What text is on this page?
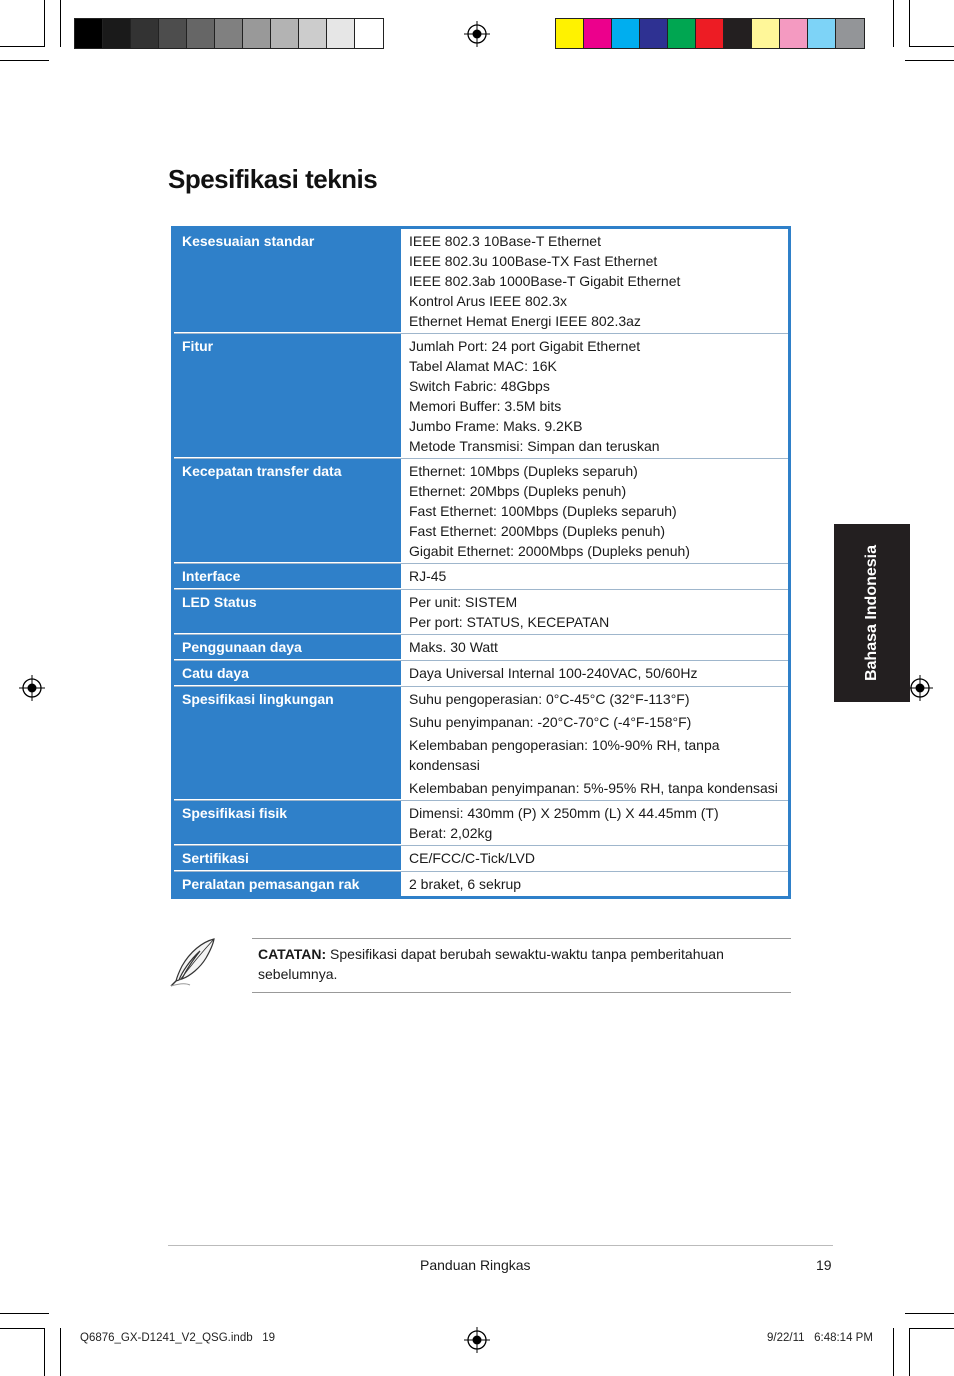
Spesifikasi teknis
Kesesuaian standar	IEEE 802.3 10Base-T Ethernet
IEEE 802.3u 100Base-TX Fast Ethernet
IEEE 802.3ab 1000Base-T Gigabit Ethernet
Kontrol Arus IEEE 802.3x
Ethernet Hemat Energi IEEE 802.3az
Fitur	Jumlah Port: 24 port Gigabit Ethernet
Tabel Alamat MAC: 16K
Switch Fabric: 48Gbps
Memori Buffer: 3.5M bits
Jumbo Frame: Maks. 9.2KB
Metode Transmisi: Simpan dan teruskan
Kecepatan transfer data	Ethernet: 10Mbps (Dupleks separuh)
Ethernet: 20Mbps (Dupleks penuh)
Fast Ethernet: 100Mbps (Dupleks separuh)
Fast Ethernet: 200Mbps (Dupleks penuh)
Gigabit Ethernet: 2000Mbps (Dupleks penuh)
Interface	RJ-45
LED Status	Per unit: SISTEM
Per port: STATUS, KECEPATAN
Penggunaan daya	Maks. 30 Watt
Catu daya	Daya Universal Internal 100-240VAC, 50/60Hz
Spesifikasi lingkungan	Suhu pengoperasian: 0°C-45°C (32°F-113°F)
Suhu penyimpanan: -20°C-70°C (-4°F-158°F)
Kelembaban pengoperasian: 10%-90% RH, tanpa kondensasi
Kelembaban penyimpanan: 5%-95% RH, tanpa kondensasi
Spesifikasi fisik	Dimensi: 430mm (P) X 250mm (L) X 44.45mm (T)
Berat: 2,02kg
Sertifikasi	CE/FCC/C-Tick/LVD
Peralatan pemasangan rak	2 braket, 6 sekrup
Bahasa Indonesia
CATATAN: Spesifikasi dapat berubah sewaktu-waktu tanpa pemberitahuan sebelumnya.
Panduan Ringkas	19
Q6876_GX-D1241_V2_QSG.indb   19	9/22/11   6:48:14 PM
